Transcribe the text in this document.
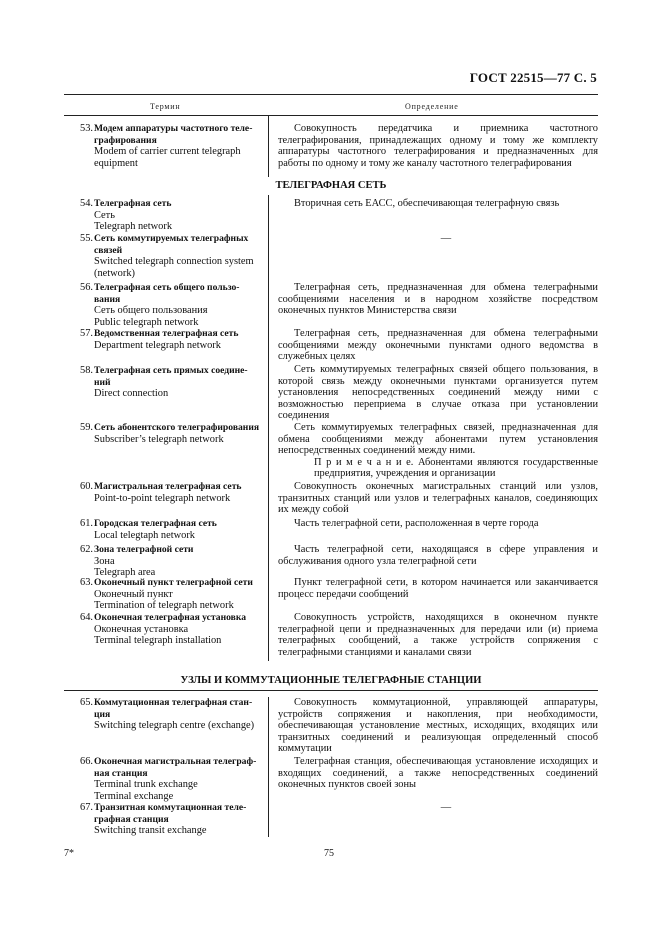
ГОСТ 22515—77 С. 5
Термин	Определение
ТЕЛЕГРАФНАЯ СЕТЬ
УЗЛЫ И КОММУТАЦИОННЫЕ ТЕЛЕГРАФНЫЕ СТАНЦИИ
53. Модем аппаратуры частотного теле-
графирования
Modem of carrier current telegraph
equipment
Совокупность передатчика и приемника частотного телеграфирования, принадлежащих одному и тому же комплекту аппаратуры частотного телеграфирования и предназначенных для работы по одному и тому же каналу частотного телеграфирования
54. Телеграфная сеть
Сеть
Telegraph network
Вторичная сеть ЕАСС, обеспечивающая телеграфную связь
55. Сеть коммутируемых телеграфных
связей
Switched telegraph connection system
(network)
—
56. Телеграфная сеть общего пользо-
вания
Сеть общего пользования
Public telegraph network
Телеграфная сеть, предназначенная для обмена телеграфными сообщениями населения и в народном хозяйстве посредством оконечных пунктов Министерства связи
57. Ведомственная телеграфная сеть
Department telegraph network
Телеграфная сеть, предназначенная для обмена телеграфными сообщениями между оконечными пунктами одного ведомства в служебных целях
58. Телеграфная сеть прямых соедине-
ний
Direct connection
Сеть коммутируемых телеграфных связей общего пользования, в которой связь между оконечными пунктами организуется путем установления непосредственных соединений между ними с возможностью переприема в случае отказа при установлении соединения
59. Сеть абонентского телеграфирования
Subscriber’s telegraph network
Сеть коммутируемых телеграфных связей, предназначенная для обмена сообщениями между абонентами путем установления непосредственных соединений между ними.
П р и м е ч а н и е. Абонентами являются государственные предприятия, учреждения и организации
60. Магистральная телеграфная сеть
Point-to-point telegraph network
Совокупность оконечных магистральных станций или узлов, транзитных станций или узлов и телеграфных каналов, соединяющих их между собой
61. Городская телеграфная сеть
Local telegtaph network
Часть телеграфной сети, расположенная в черте города
62. Зона телеграфной сети
Зона
Telegraph area
Часть телеграфной сети, находящаяся в сфере управления и обслуживания одного узла телеграфной сети
63. Оконечный пункт телеграфной сети
Оконечный пункт
Termination of telegraph network
Пункт телеграфной сети, в котором начинается или заканчивается процесс передачи сообщений
64. Оконечная телеграфная установка
Оконечная установка
Terminal telegraph installation
Совокупность устройств, находящихся в оконечном пункте телеграфной цепи и предназначенных для передачи или (и) приема телеграфных сообщений, а также устройств сопряжения с телеграфными станциями и каналами связи
65. Коммутационная телеграфная стан-
ция
Switching telegraph centre (exchange)
Совокупность коммутационной, управляющей аппаратуры, устройств сопряжения и накопления, при необходимости, обеспечивающая установление местных, исходящих, входящих или транзитных соединений и реализующая определенный способ коммутации
66. Оконечная магистральная телеграф-
ная станция
Terminal trunk exchange
Terminal exchange
Телеграфная станция, обеспечивающая установление исходящих и входящих соединений, а также непосредственных соединений оконечных пунктов своей зоны
67. Транзитная коммутационная теле-
графная станция
Switching transit exchange
—
7*	75
